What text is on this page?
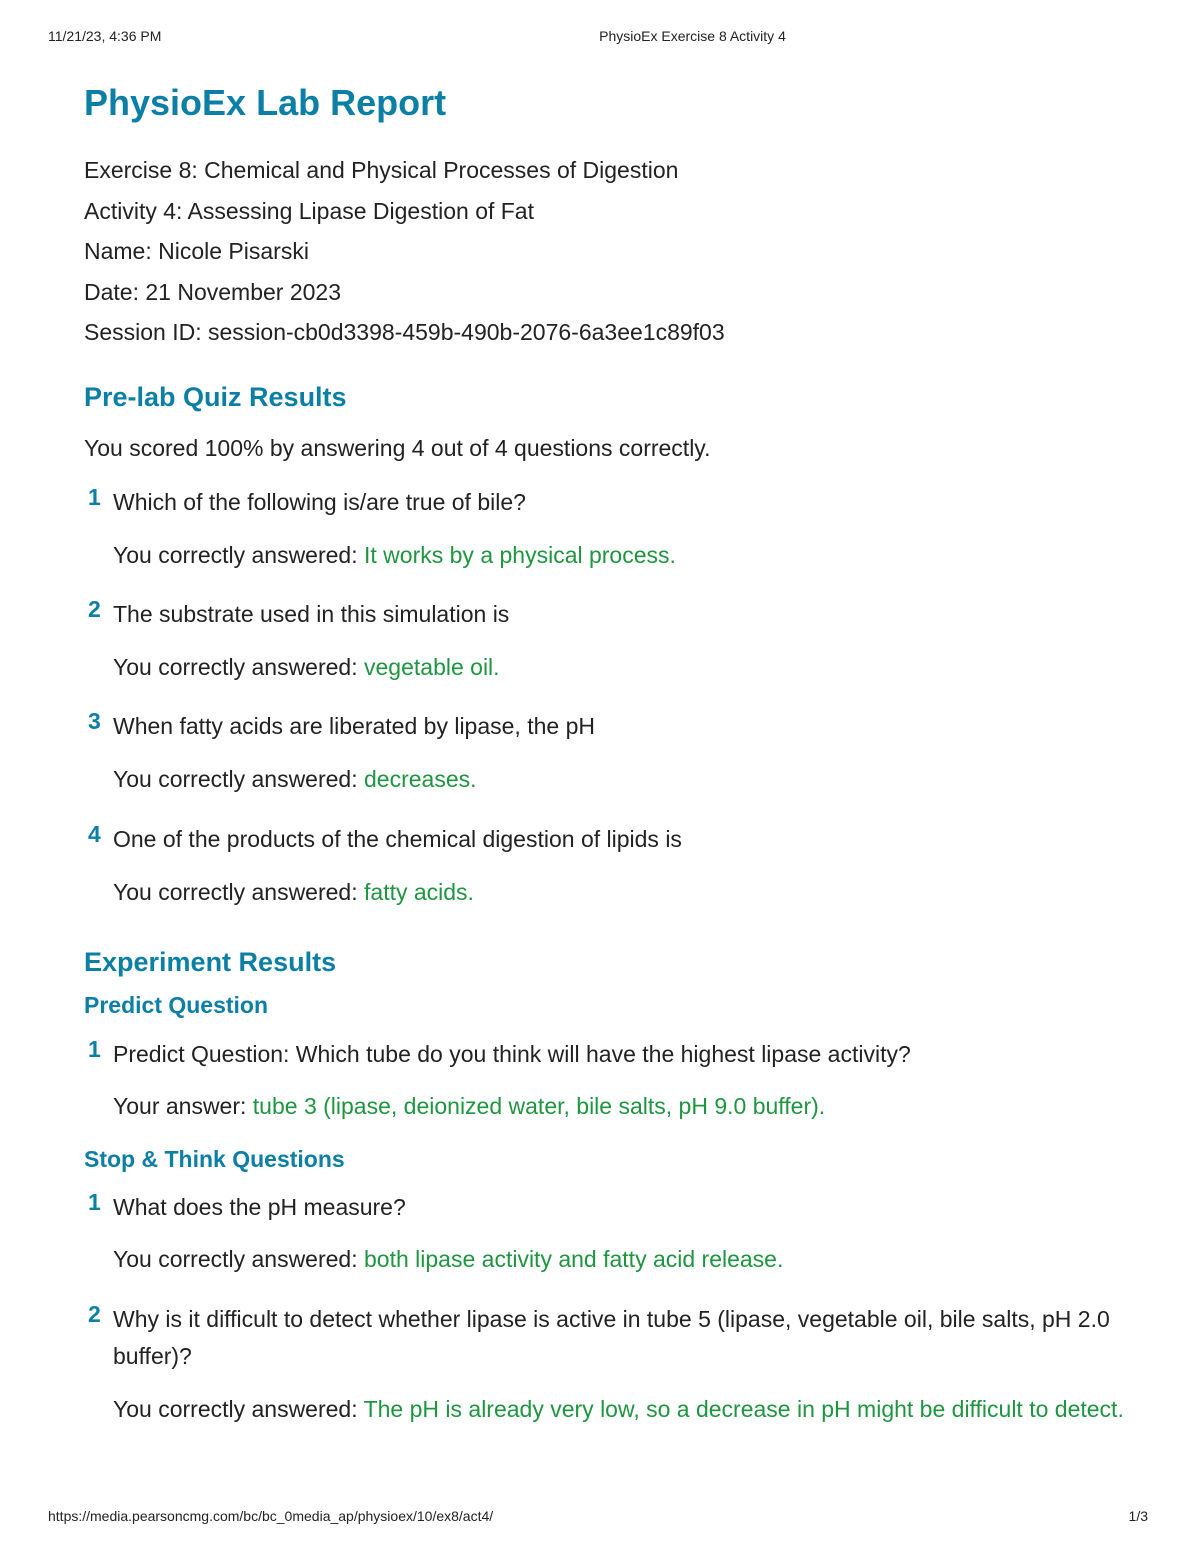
11/21/23, 4:36 PM	PhysioEx Exercise 8 Activity 4
PhysioEx Lab Report
Exercise 8: Chemical and Physical Processes of Digestion
Activity 4: Assessing Lipase Digestion of Fat
Name: Nicole Pisarski
Date: 21 November 2023
Session ID: session-cb0d3398-459b-490b-2076-6a3ee1c89f03
Pre-lab Quiz Results
You scored 100% by answering 4 out of 4 questions correctly.
1 Which of the following is/are true of bile?
You correctly answered: It works by a physical process.
2 The substrate used in this simulation is
You correctly answered: vegetable oil.
3 When fatty acids are liberated by lipase, the pH
You correctly answered: decreases.
4 One of the products of the chemical digestion of lipids is
You correctly answered: fatty acids.
Experiment Results
Predict Question
1 Predict Question: Which tube do you think will have the highest lipase activity?
Your answer: tube 3 (lipase, deionized water, bile salts, pH 9.0 buffer).
Stop & Think Questions
1 What does the pH measure?
You correctly answered: both lipase activity and fatty acid release.
2 Why is it difficult to detect whether lipase is active in tube 5 (lipase, vegetable oil, bile salts, pH 2.0 buffer)?
You correctly answered: The pH is already very low, so a decrease in pH might be difficult to detect.
https://media.pearsoncmg.com/bc/bc_0media_ap/physioex/10/ex8/act4/	1/3
